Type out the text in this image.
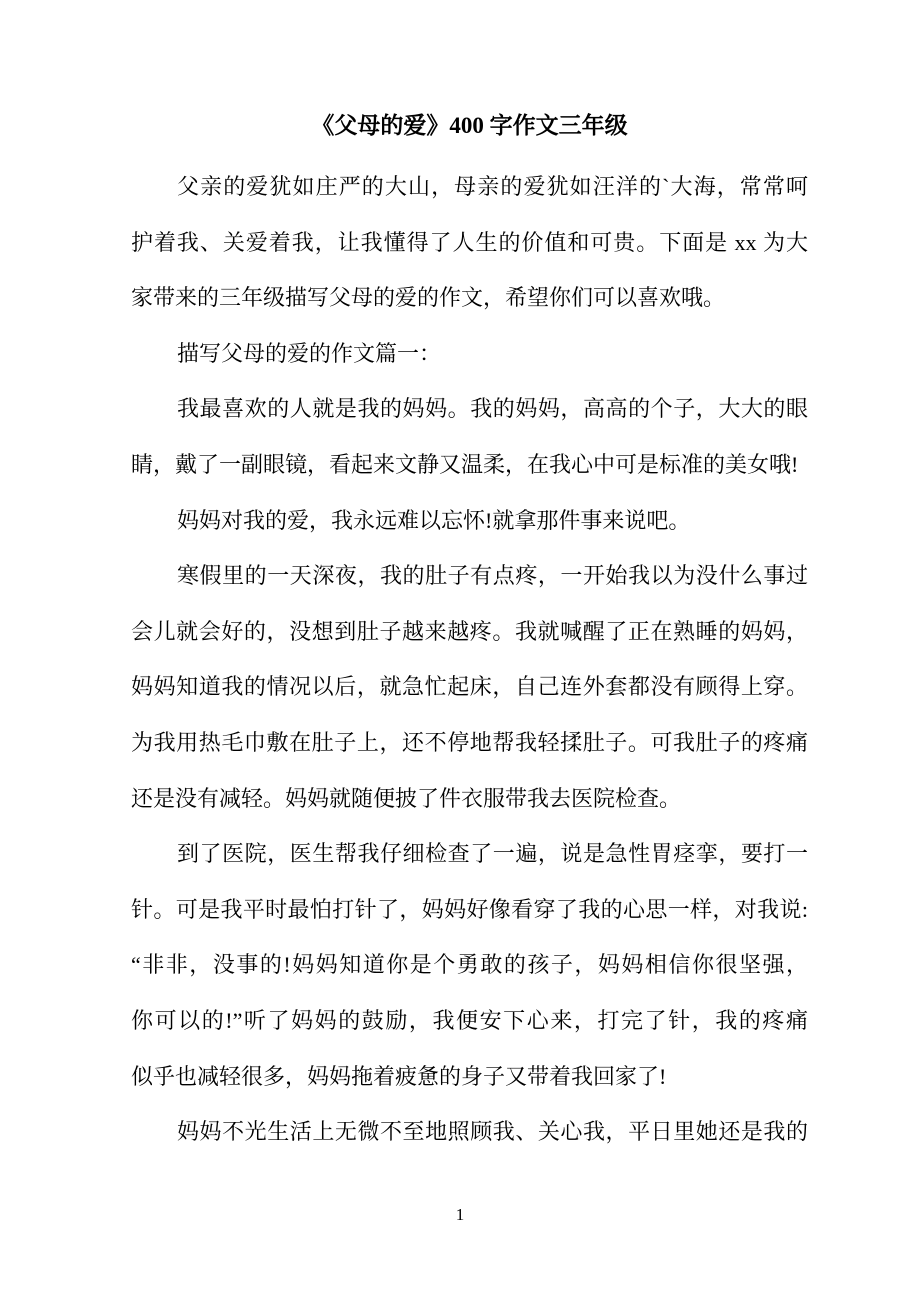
《父母的爱》400 字作文三年级
父亲的爱犹如庄严的大山，母亲的爱犹如汪洋的`大海，常常呵
护着我、关爱着我，让我懂得了人生的价值和可贵。下面是 xx 为大
家带来的三年级描写父母的爱的作文，希望你们可以喜欢哦。
描写父母的爱的作文篇一：
我最喜欢的人就是我的妈妈。我的妈妈，高高的个子，大大的眼
睛，戴了一副眼镜，看起来文静又温柔，在我心中可是标准的美女哦!
妈妈对我的爱，我永远难以忘怀!就拿那件事来说吧。
寒假里的一天深夜，我的肚子有点疼，一开始我以为没什么事过
会儿就会好的，没想到肚子越来越疼。我就喊醒了正在熟睡的妈妈，
妈妈知道我的情况以后，就急忙起床，自己连外套都没有顾得上穿。
为我用热毛巾敷在肚子上，还不停地帮我轻揉肚子。可我肚子的疼痛
还是没有减轻。妈妈就随便披了件衣服带我去医院检查。
到了医院，医生帮我仔细检查了一遍，说是急性胃痉挛，要打一
针。可是我平时最怕打针了，妈妈好像看穿了我的心思一样，对我说:
“非非，没事的!妈妈知道你是个勇敢的孩子，妈妈相信你很坚强，
你可以的!”听了妈妈的鼓励，我便安下心来，打完了针，我的疼痛
似乎也减轻很多，妈妈拖着疲惫的身子又带着我回家了!
妈妈不光生活上无微不至地照顾我、关心我，平日里她还是我的
1
